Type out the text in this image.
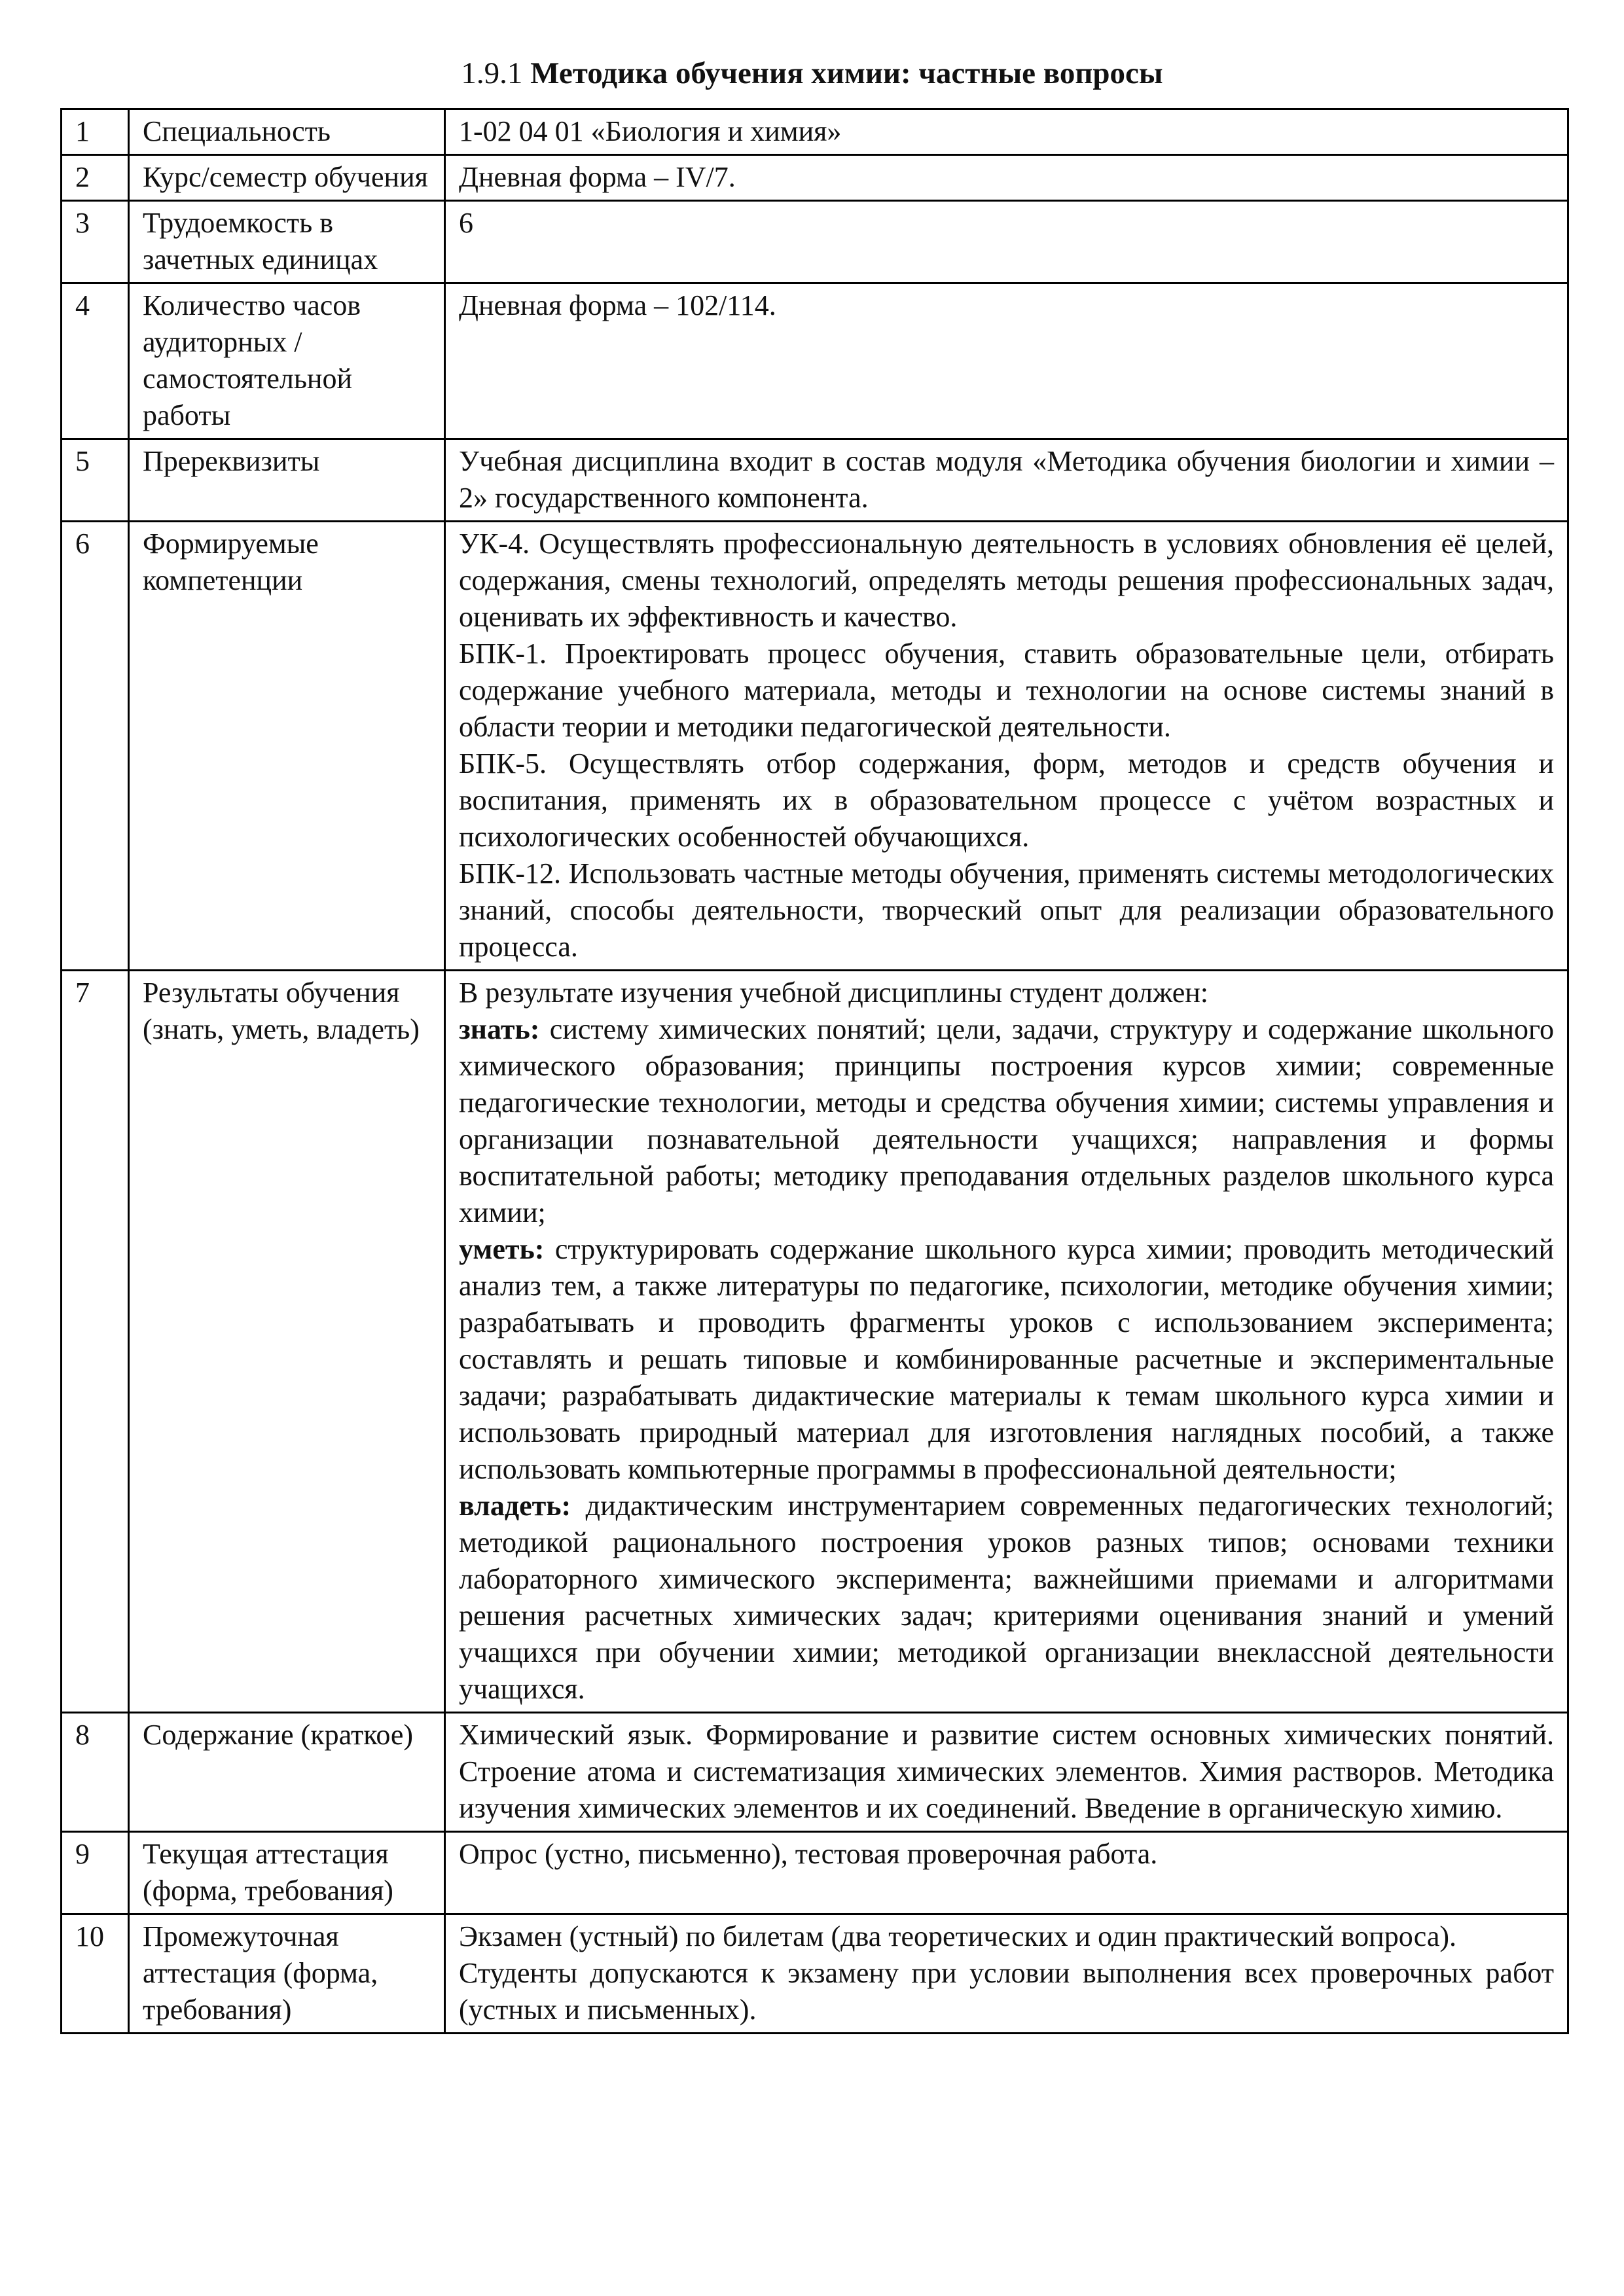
1.9.1 Методика обучения химии: частные вопросы
1	Специальность	1-02 04 01 «Биология и химия»

2	Курс/семестр обучения	Дневная форма – IV/7.

3	Трудоемкость в зачетных единицах	6

4	Количество часов аудиторных / самостоятельной работы	Дневная форма – 102/114.

5	Пререквизиты	Учебная дисциплина входит в состав модуля «Методика обучения биологии и химии – 2» государственного компонента.

6	Формируемые компетенции	УК-4. Осуществлять профессиональную деятельность в условиях обновления её целей, содержания, смены технологий, определять методы решения профессиональных задач, оценивать их эффективность и качество.

БПК-1. Проектировать процесс обучения, ставить образовательные цели, отбирать содержание учебного материала, методы и технологии на основе системы знаний в области теории и методики педагогической деятельности.

БПК-5. Осуществлять отбор содержания, форм, методов и средств обучения и воспитания, применять их в образовательном процессе с учётом возрастных и психологических особенностей обучающихся.

БПК-12. Использовать частные методы обучения, применять системы методологических знаний, способы деятельности, творческий опыт для реализации образовательного процесса.

7	Результаты обучения (знать, уметь, владеть)	В результате изучения учебной дисциплины студент должен:

знать: систему химических понятий; цели, задачи, структуру и содержание школьного химического образования; принципы построения курсов химии; современные педагогические технологии, методы и средства обучения химии; системы управления и организации познавательной деятельности учащихся; направления и формы воспитательной работы; методику преподавания отдельных разделов школьного курса химии;

уметь: структурировать содержание школьного курса химии; проводить методический анализ тем, а также литературы по педагогике, психологии, методике обучения химии; разрабатывать и проводить фрагменты уроков с использованием эксперимента; составлять и решать типовые и комбинированные расчетные и экспериментальные задачи; разрабатывать дидактические материалы к темам школьного курса химии и использовать природный материал для изготовления наглядных пособий, а также использовать компьютерные программы в профессиональной деятельности;

владеть: дидактическим инструментарием современных педагогических технологий; методикой рационального построения уроков разных типов; основами техники лабораторного химического эксперимента; важнейшими приемами и алгоритмами решения расчетных химических задач; критериями оценивания знаний и умений учащихся при обучении химии; методикой организации внеклассной деятельности учащихся.

8	Содержание (краткое)	Химический язык. Формирование и развитие систем основных химических понятий. Строение атома и систематизация химических элементов. Химия растворов. Методика изучения химических элементов и их соединений. Введение в органическую химию.

9	Текущая аттестация (форма, требования)	Опрос (устно, письменно), тестовая проверочная работа.

10	Промежуточная аттестация (форма, требования)	Экзамен (устный) по билетам (два теоретических и один практический вопроса).

Студенты допускаются к экзамену при условии выполнения всех проверочных работ (устных и письменных).
